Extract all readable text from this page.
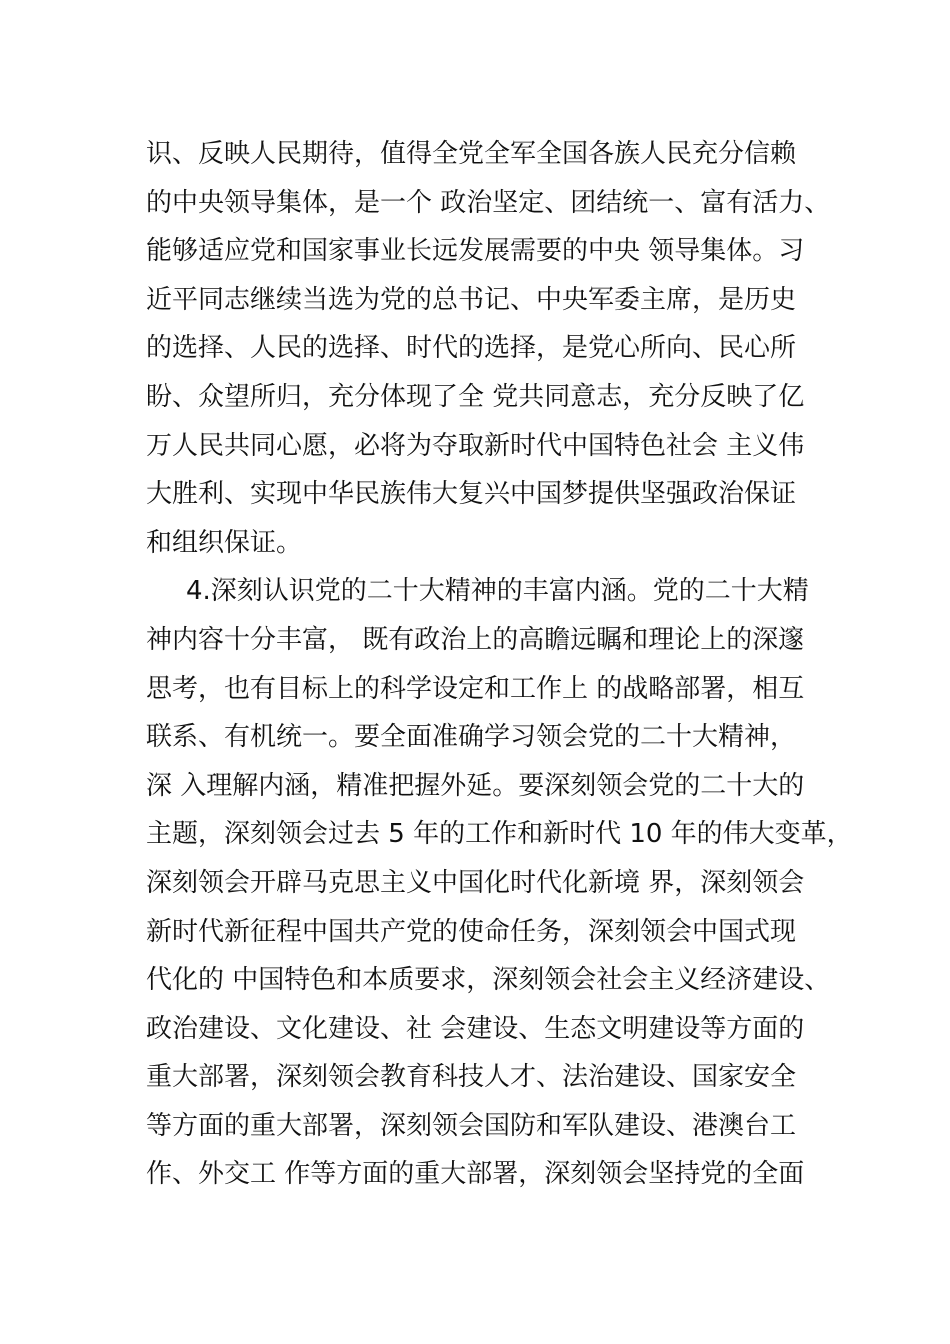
识、反映人民期待，值得全党全军全国各族人民充分信赖
的中央领导集体，是一个 政治坚定、团结统一、富有活力、
能够适应党和国家事业长远发展需要的中央 领导集体。习
近平同志继续当选为党的总书记、中央军委主席，是历史
的选择、人民的选择、时代的选择，是党心所向、民心所
盼、众望所归，充分体现了全 党共同意志，充分反映了亿
万人民共同心愿，必将为夺取新时代中国特色社会 主义伟
大胜利、实现中华民族伟大复兴中国梦提供坚强政治保证
和组织保证。
4.深刻认识党的二十大精神的丰富内涵。党的二十大精
神内容十分丰富， 既有政治上的高瞻远瞩和理论上的深邃
思考，也有目标上的科学设定和工作上 的战略部署，相互
联系、有机统一。要全面准确学习领会党的二十大精神，
深 入理解内涵，精准把握外延。要深刻领会党的二十大的
主题，深刻领会过去 5 年的工作和新时代 10 年的伟大变革，
深刻领会开辟马克思主义中国化时代化新境 界，深刻领会
新时代新征程中国共产党的使命任务，深刻领会中国式现
代化的 中国特色和本质要求，深刻领会社会主义经济建设、
政治建设、文化建设、社 会建设、生态文明建设等方面的
重大部署，深刻领会教育科技人才、法治建设、国家安全
等方面的重大部署，深刻领会国防和军队建设、港澳台工
作、外交工 作等方面的重大部署，深刻领会坚持党的全面
